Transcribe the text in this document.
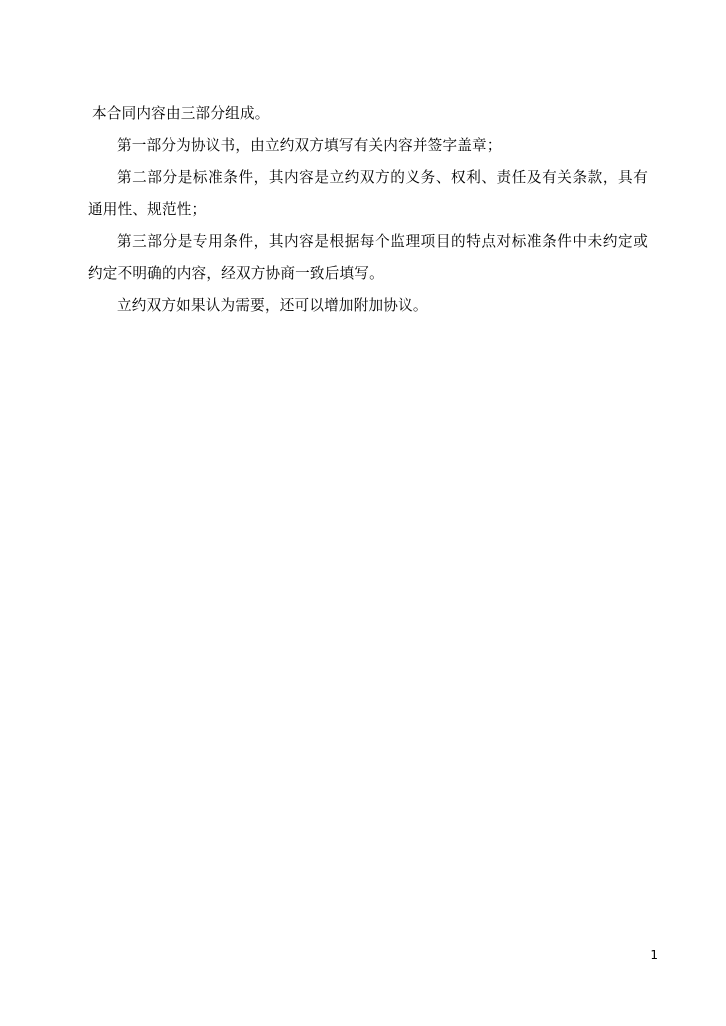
本合同内容由三部分组成。

第一部分为协议书，由立约双方填写有关内容并签字盖章；

第二部分是标准条件，其内容是立约双方的义务、权利、责任及有关条款，具有通用性、规范性；

第三部分是专用条件，其内容是根据每个监理项目的特点对标准条件中未约定或约定不明确的内容，经双方协商一致后填写。

立约双方如果认为需要，还可以增加附加协议。

1
